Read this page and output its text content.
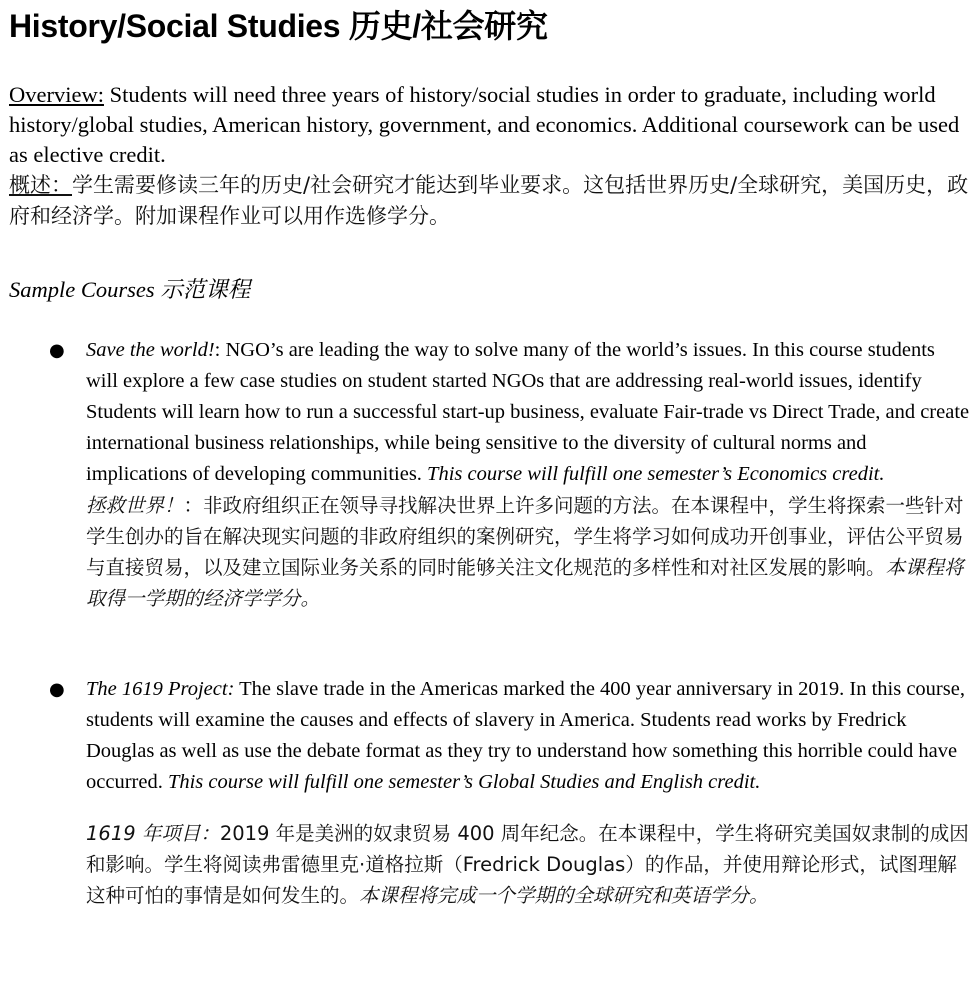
History/Social Studies 历史/社会研究

Overview: Students will need three years of history/social studies in order to graduate, including world history/global studies, American history, government, and economics. Additional coursework can be used as elective credit.

概述：学生需要修读三年的历史/社会研究才能达到毕业要求。这包括世界历史/全球研究，美国历史，政府和经济学。附加课程作业可以用作选修学分。

Sample Courses 示范课程
● Save the world!: NGO’s are leading the way to solve many of the world’s issues. In this course students will explore a few case studies on student started NGOs that are addressing real-world issues, identify Students will learn how to run a successful start-up business, evaluate Fair-trade vs Direct Trade, and create international business relationships, while being sensitive to the diversity of cultural norms and implications of developing communities. This course will fulfill one semester’s Economics credit.

拯救世界！：非政府组织正在领导寻找解决世界上许多问题的方法。在本课程中，学生将探索一些针对学生创办的旨在解决现实问题的非政府组织的案例研究，学生将学习如何成功开创事业，评估公平贸易与直接贸易，以及建立国际业务关系的同时能够关注文化规范的多样性和对社区发展的影响。本课程将取得一学期的经济学学分。

● The 1619 Project: The slave trade in the Americas marked the 400 year anniversary in 2019. In this course, students will examine the causes and effects of slavery in America. Students read works by Fredrick Douglas as well as use the debate format as they try to understand how something this horrible could have occurred. This course will fulfill one semester’s Global Studies and English credit.

1619 年项目：2019 年是美洲的奴隶贸易 400 周年纪念。在本课程中，学生将研究美国奴隶制的成因和影响。学生将阅读弗雷德里克·道格拉斯（Fredrick Douglas）的作品，并使用辩论形式，试图理解这种可怕的事情是如何发生的。本课程将完成一个学期的全球研究和英语学分。
